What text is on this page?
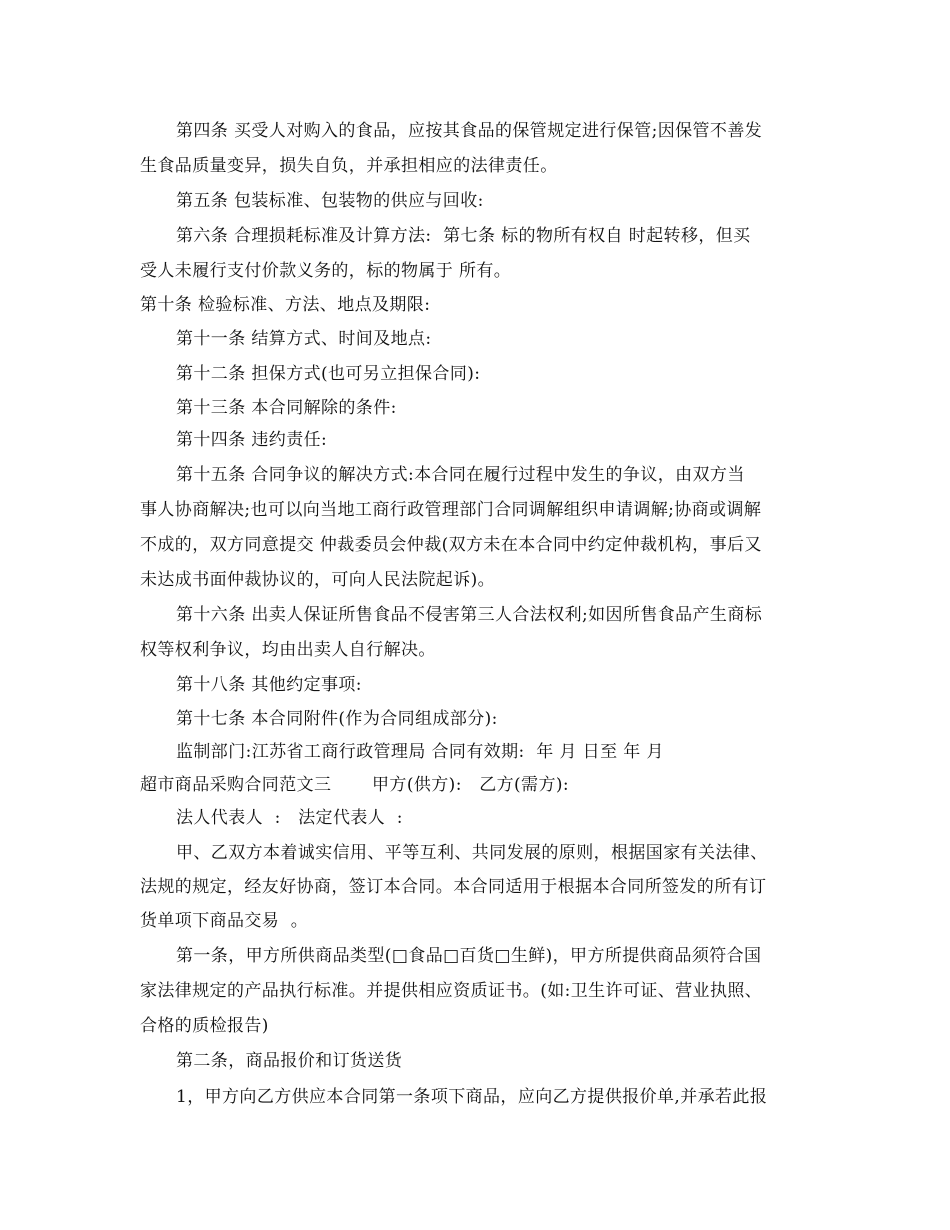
第四条 买受人对购入的食品，应按其食品的保管规定进行保管;因保管不善发
生食品质量变异，损失自负，并承担相应的法律责任。
第五条 包装标准、包装物的供应与回收:
第六条 合理损耗标准及计算方法:  第七条 标的物所有权自 时起转移，但买
受人未履行支付价款义务的，标的物属于 所有。
第十条 检验标准、方法、地点及期限:
第十一条 结算方式、时间及地点:
第十二条 担保方式(也可另立担保合同):
第十三条 本合同解除的条件:
第十四条 违约责任:
第十五条 合同争议的解决方式:本合同在履行过程中发生的争议，由双方当
事人协商解决;也可以向当地工商行政管理部门合同调解组织申请调解;协商或调解
不成的，双方同意提交 仲裁委员会仲裁(双方未在本合同中约定仲裁机构，事后又
未达成书面仲裁协议的，可向人民法院起诉)。
第十六条 出卖人保证所售食品不侵害第三人合法权利;如因所售食品产生商标
权等权利争议，均由出卖人自行解决。
第十八条 其他约定事项:
第十七条 本合同附件(作为合同组成部分):
监制部门:江苏省工商行政管理局 合同有效期:  年 月 日至 年 月
超市商品采购合同范文三       甲方(供方):   乙方(需方):
法人代表人  :   法定代表人  :
甲、乙双方本着诚实信用、平等互利、共同发展的原则，根据国家有关法律、
法规的规定，经友好协商，签订本合同。本合同适用于根据本合同所签发的所有订
货单项下商品交易  。
第一条，甲方所供商品类型(□食品□百货□生鲜)，甲方所提供商品须符合国
家法律规定的产品执行标准。并提供相应资质证书。(如:卫生许可证、营业执照、
合格的质检报告)
第二条，商品报价和订货送货
1，甲方向乙方供应本合同第一条项下商品，应向乙方提供报价单,并承若此报
